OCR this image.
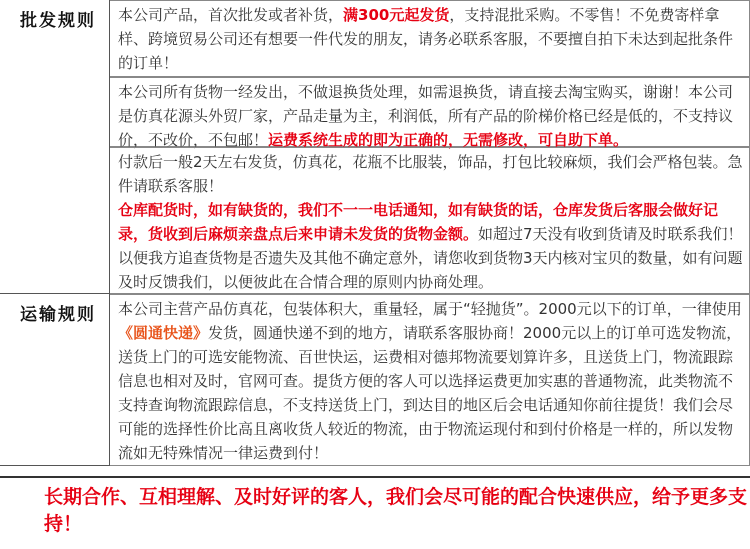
批发规则	本公司产品，首次批发或者补货，满300元起发货，支持混批采购。不零售！不免费寄样拿样、跨境贸易公司还有想要一件代发的朋友，请务必联系客服，不要擅自拍下未达到起批条件的订单！
本公司所有货物一经发出，不做退换货处理，如需退换货，请直接去淘宝购买，谢谢！本公司是仿真花源头外贸厂家，产品走量为主，利润低，所有产品的阶梯价格已经是低的，不支持议价，不改价，不包邮！运费系统生成的即为正确的，无需修改，可自助下单。
付款后一般2天左右发货，仿真花，花瓶不比服装，饰品，打包比较麻烦，我们会严格包装。急件请联系客服！
仓库配货时，如有缺货的，我们不一一电话通知，如有缺货的话，仓库发货后客服会做好记录，货收到后麻烦亲盘点后来申请未发货的货物金额。如超过7天没有收到货请及时联系我们！以便我方追查货物是否遗失及其他不确定意外，请您收到货物3天内核对宝贝的数量，如有问题及时反馈我们，以便彼此在合情合理的原则内协商处理。
运输规则	本公司主营产品仿真花，包装体积大，重量轻，属于“轻抛货”。2000元以下的订单，一律使用《圆通快递》发货，圆通快递不到的地方，请联系客服协商！2000元以上的订单可选发物流，送货上门的可选安能物流、百世快运，运费相对德邦物流要划算许多，且送货上门，物流跟踪信息也相对及时，官网可查。提货方便的客人可以选择运费更加实惠的普通物流，此类物流不支持查询物流跟踪信息，不支持送货上门，到达目的地区后会电话通知你前往提货！我们会尽可能的选择性价比高且离收货人较近的物流，由于物流运现付和到付价格是一样的，所以发物流如无特殊情况一律运费到付！
长期合作、互相理解、及时好评的客人，我们会尽可能的配合快速供应，给予更多支持！
